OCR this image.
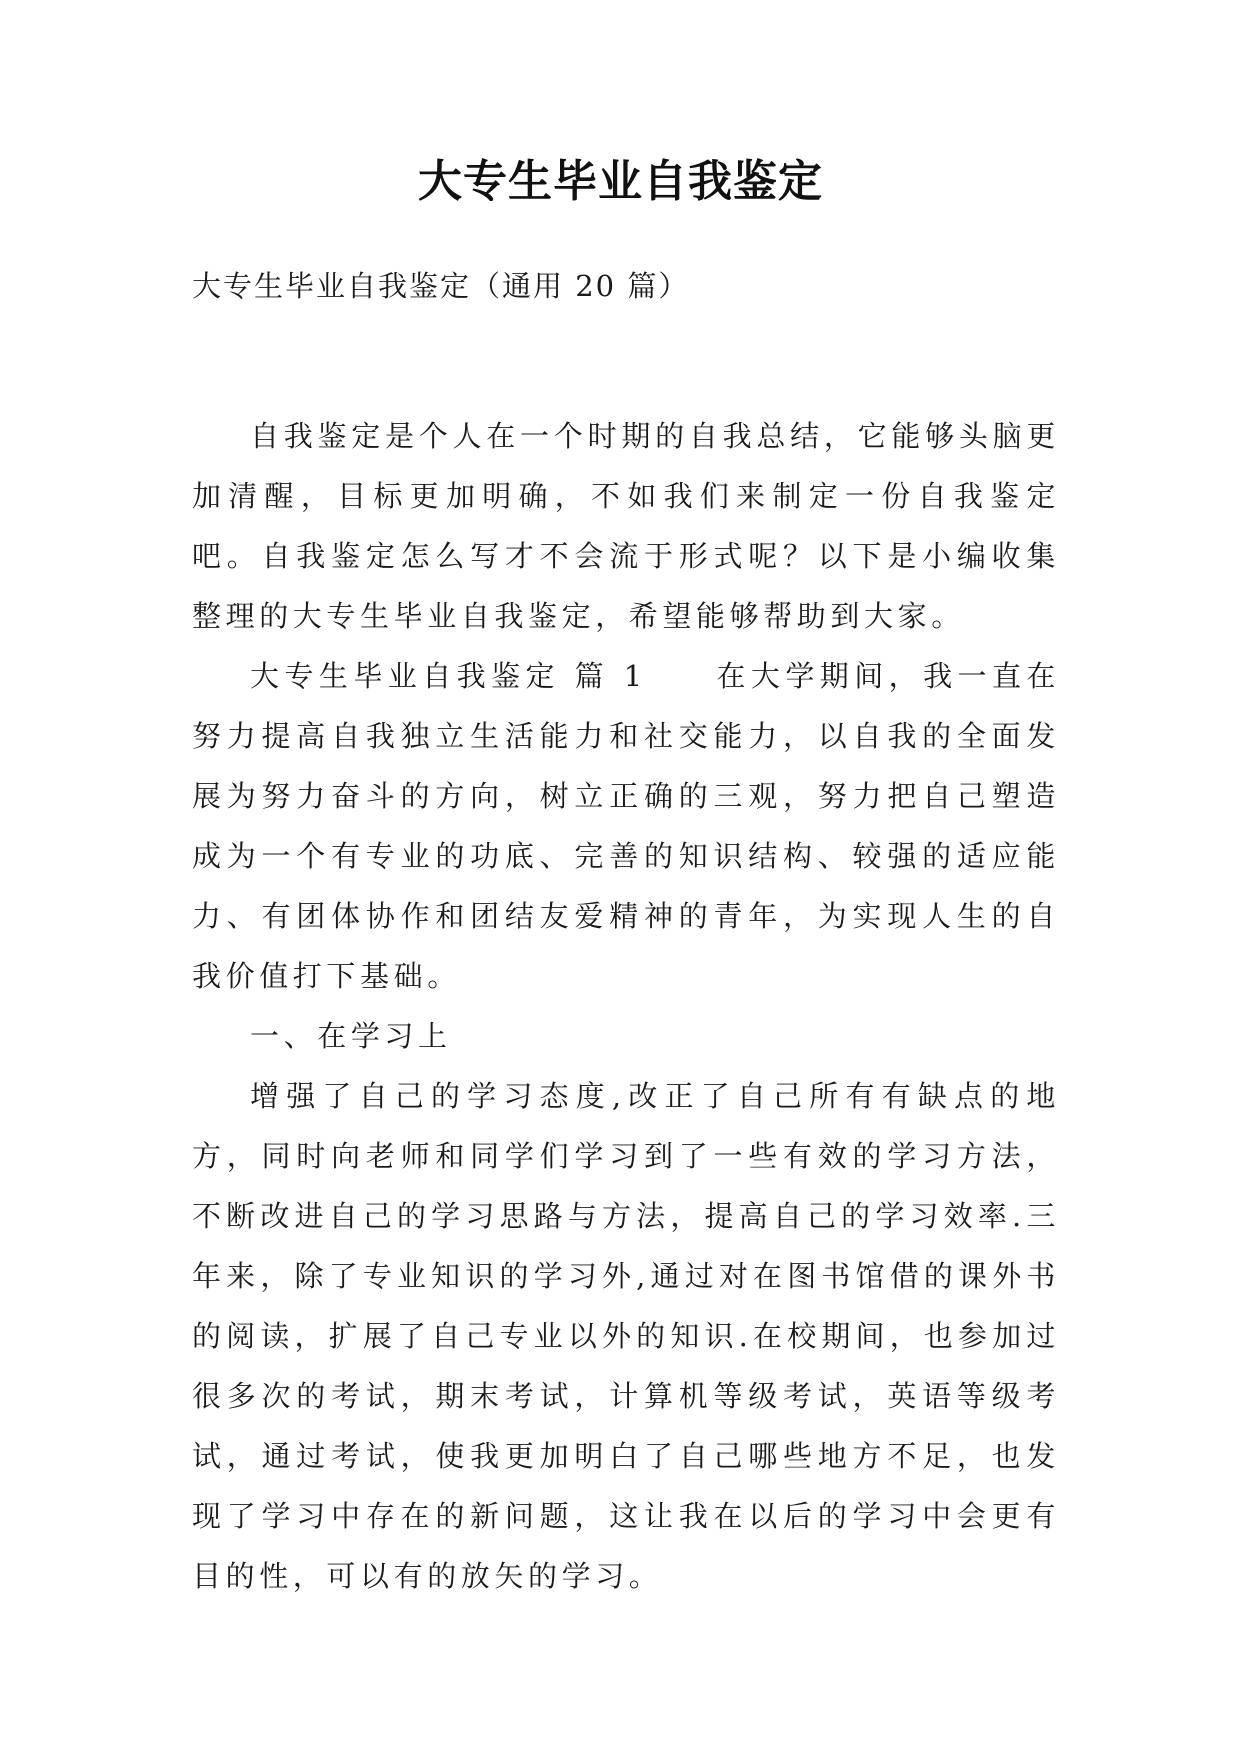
大专生毕业自我鉴定
大专生毕业自我鉴定（通用 20 篇）

自我鉴定是个人在一个时期的自我总结，它能够头脑更加清醒，目标更加明确，不如我们来制定一份自我鉴定吧。自我鉴定怎么写才不会流于形式呢？以下是小编收集整理的大专生毕业自我鉴定，希望能够帮助到大家。

大专生毕业自我鉴定 篇 1　　在大学期间，我一直在努力提高自我独立生活能力和社交能力，以自我的全面发展为努力奋斗的方向，树立正确的三观，努力把自己塑造成为一个有专业的功底、完善的知识结构、较强的适应能力、有团体协作和团结友爱精神的青年，为实现人生的自我价值打下基础。

一、在学习上

增强了自己的学习态度,改正了自己所有有缺点的地方，同时向老师和同学们学习到了一些有效的学习方法，不断改进自己的学习思路与方法，提高自己的学习效率.三年来，除了专业知识的学习外,通过对在图书馆借的课外书的阅读，扩展了自己专业以外的知识.在校期间，也参加过很多次的考试，期末考试，计算机等级考试，英语等级考试，通过考试，使我更加明白了自己哪些地方不足，也发现了学习中存在的新问题，这让我在以后的学习中会更有目的性，可以有的放矢的学习。
